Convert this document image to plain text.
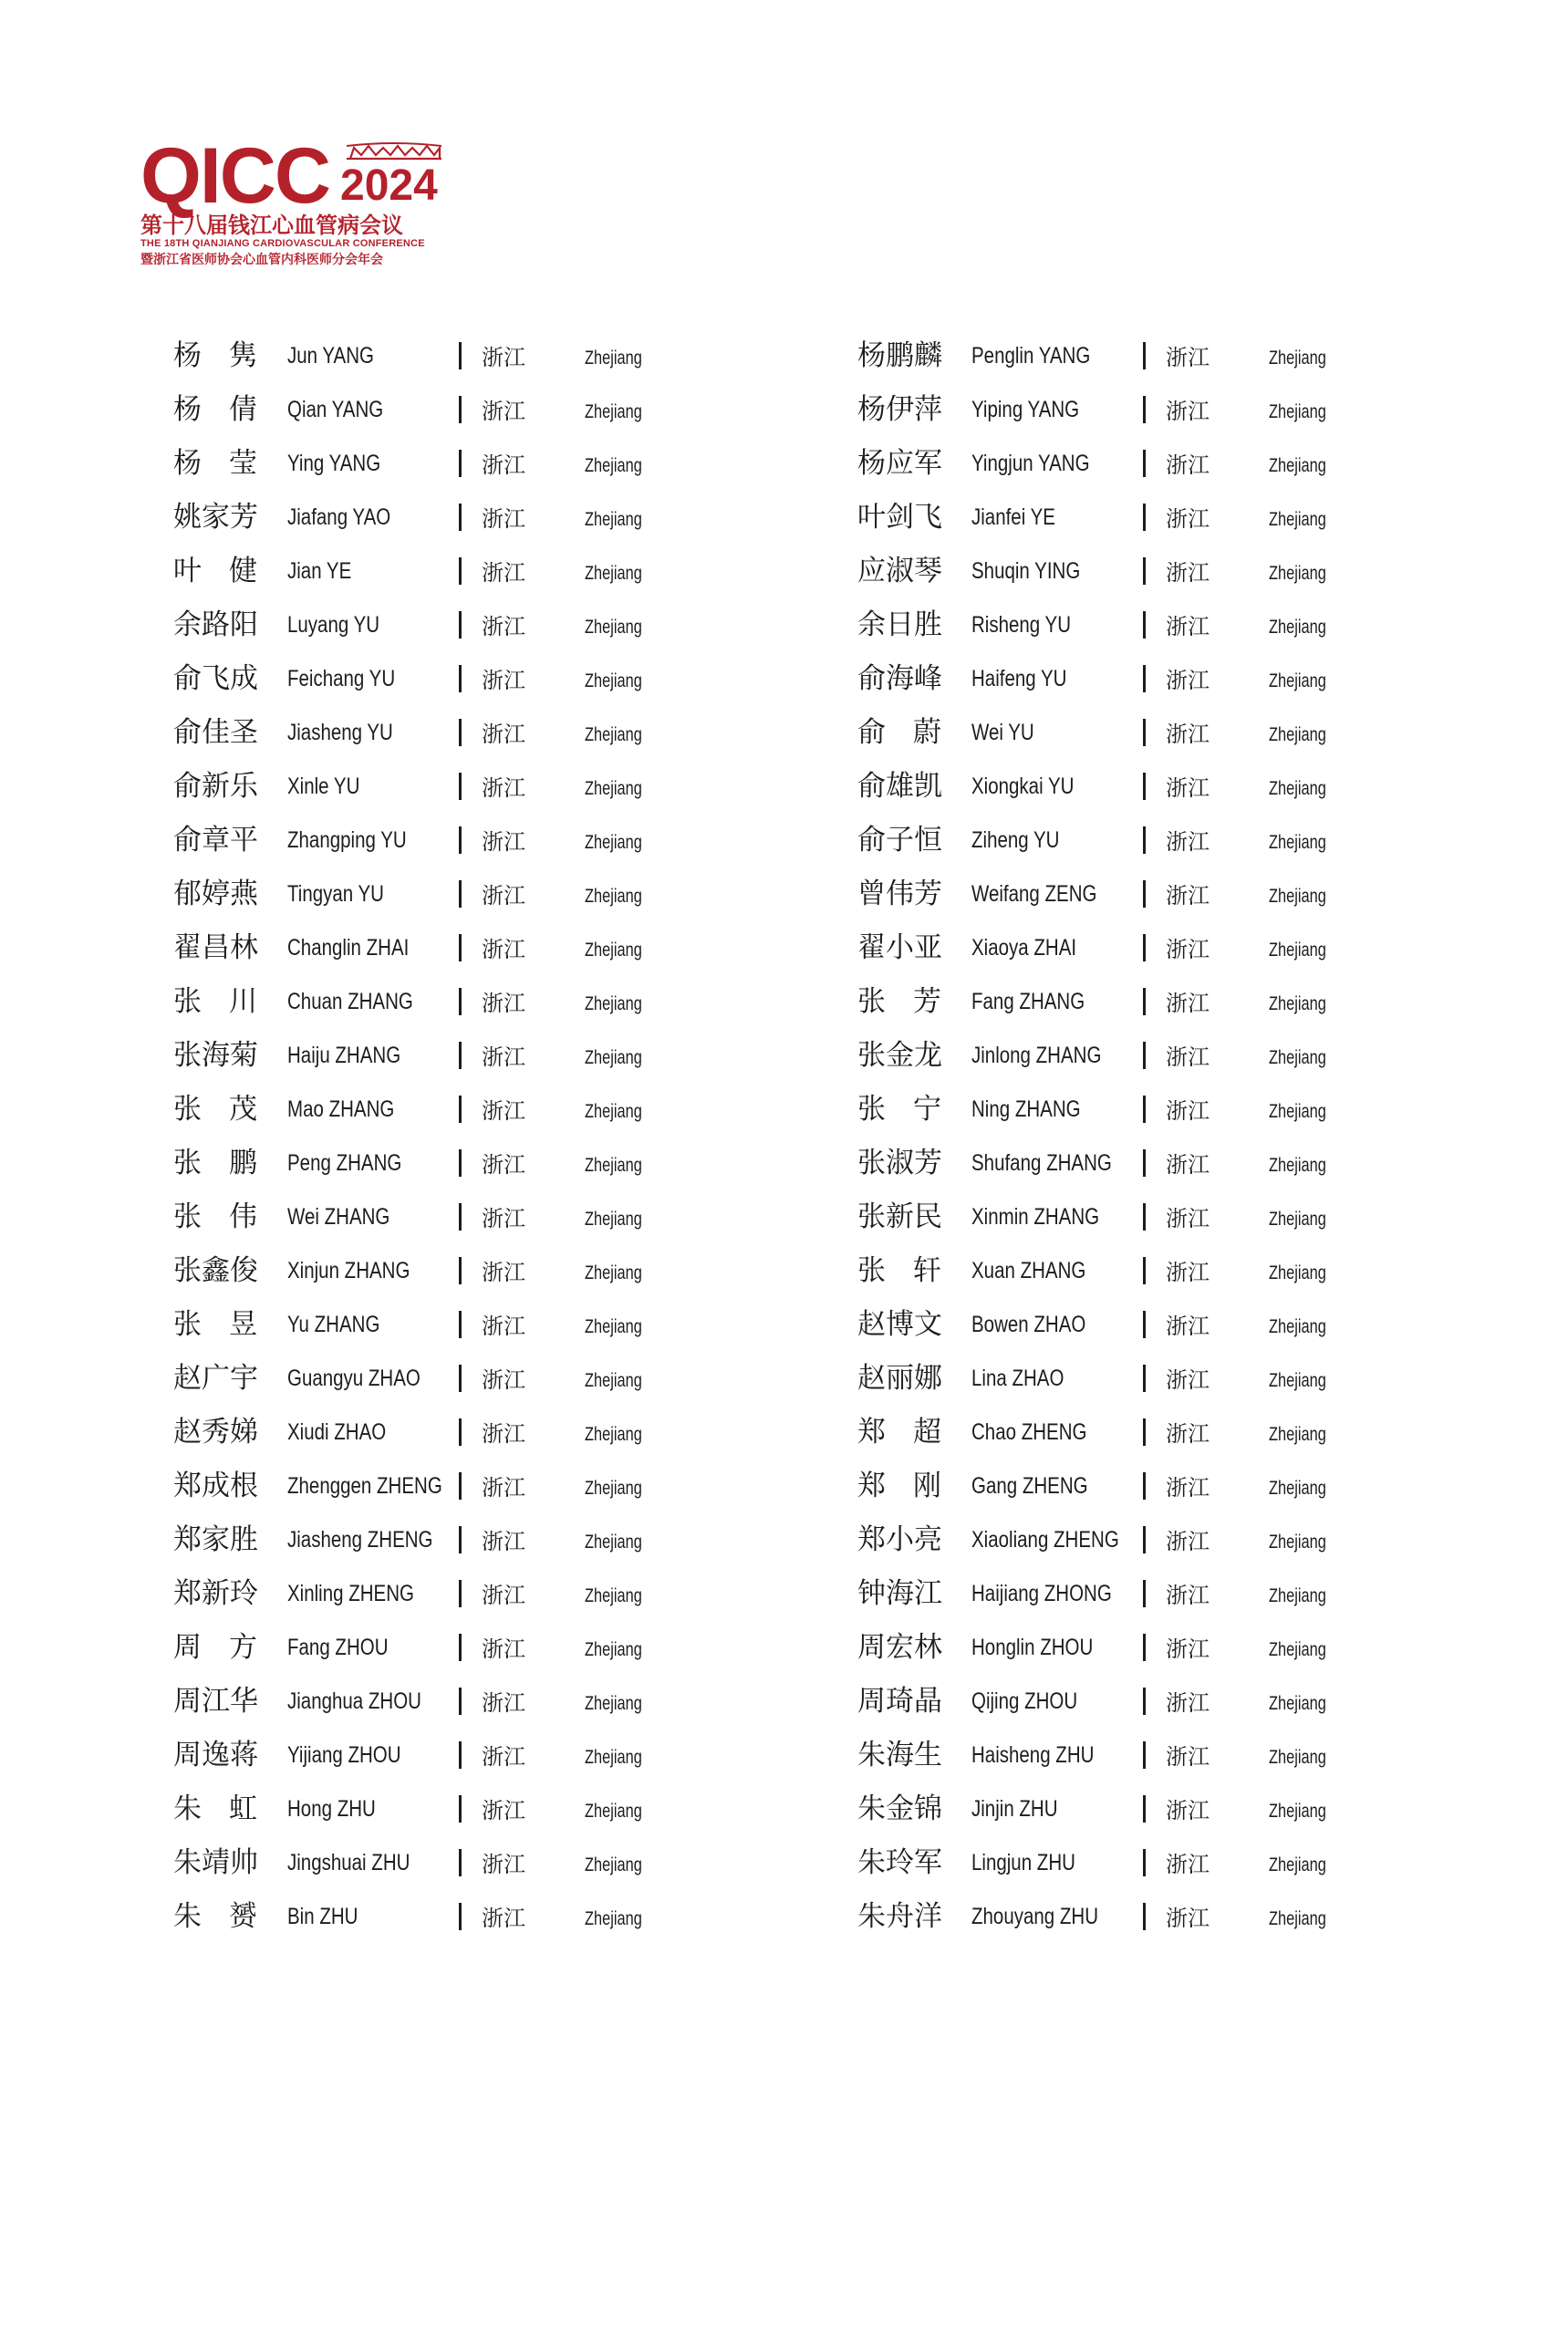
QICC 2024
第十八届钱江心血管病会议
THE 18TH QIANJIANG CARDIOVASCULAR CONFERENCE
暨浙江省医师协会心血管内科医师分会年会
杨 隽 Jun YANG	浙江	Zhejiang
杨 倩 Qian YANG	浙江	Zhejiang
杨 莹 Ying YANG	浙江	Zhejiang
姚家芳 Jiafang YAO	浙江	Zhejiang
叶 健 Jian YE	浙江	Zhejiang
余路阳 Luyang YU	浙江	Zhejiang
俞飞成 Feichang YU	浙江	Zhejiang
俞佳圣 Jiasheng YU	浙江	Zhejiang
俞新乐 Xinle YU	浙江	Zhejiang
俞章平 Zhangping YU	浙江	Zhejiang
郁婷燕 Tingyan YU	浙江	Zhejiang
翟昌林 Changlin ZHAI	浙江	Zhejiang
张 川 Chuan ZHANG	浙江	Zhejiang
张海菊 Haiju ZHANG	浙江	Zhejiang
张 茂 Mao ZHANG	浙江	Zhejiang
张 鹏 Peng ZHANG	浙江	Zhejiang
张 伟 Wei ZHANG	浙江	Zhejiang
张鑫俊 Xinjun ZHANG	浙江	Zhejiang
张 昱 Yu ZHANG	浙江	Zhejiang
赵广宇 Guangyu ZHAO	浙江	Zhejiang
赵秀娣 Xiudi ZHAO	浙江	Zhejiang
郑成根 Zhenggen ZHENG 浙江	Zhejiang
郑家胜 Jiasheng ZHENG 浙江	Zhejiang
郑新玲 Xinling ZHENG	浙江	Zhejiang
周 方 Fang ZHOU	浙江	Zhejiang
周江华 Jianghua ZHOU	浙江	Zhejiang
周逸蒋 Yijiang ZHOU	浙江	Zhejiang
朱 虹 Hong ZHU	浙江	Zhejiang
朱靖帅 Jingshuai ZHU	浙江	Zhejiang
朱 赟 Bin ZHU	浙江	Zhejiang
杨鹏麟 Penglin YANG	浙江	Zhejiang
杨伊萍 Yiping YANG	浙江	Zhejiang
杨应军 Yingjun YANG	浙江	Zhejiang
叶剑飞 Jianfei YE	浙江	Zhejiang
应淑琴 Shuqin YING	浙江	Zhejiang
余日胜 Risheng YU	浙江	Zhejiang
俞海峰 Haifeng YU	浙江	Zhejiang
俞 蔚 Wei YU	浙江	Zhejiang
俞雄凯 Xiongkai YU	浙江	Zhejiang
俞子恒 Ziheng YU	浙江	Zhejiang
曾伟芳 Weifang ZENG	浙江	Zhejiang
翟小亚 Xiaoya ZHAI	浙江	Zhejiang
张 芳 Fang ZHANG	浙江	Zhejiang
张金龙 Jinlong ZHANG	浙江	Zhejiang
张 宁 Ning ZHANG	浙江	Zhejiang
张淑芳 Shufang ZHANG 浙江	Zhejiang
张新民 Xinmin ZHANG	浙江	Zhejiang
张 轩 Xuan ZHANG	浙江	Zhejiang
赵博文 Bowen ZHAO	浙江	Zhejiang
赵丽娜 Lina ZHAO	浙江	Zhejiang
郑 超 Chao ZHENG	浙江	Zhejiang
郑 刚 Gang ZHENG	浙江	Zhejiang
郑小亮 Xiaoliang ZHENG 浙江	Zhejiang
钟海江 Haijiang ZHONG 浙江	Zhejiang
周宏林 Honglin ZHOU	浙江	Zhejiang
周琦晶 Qijing ZHOU	浙江	Zhejiang
朱海生 Haisheng ZHU	浙江	Zhejiang
朱金锦 Jinjin ZHU	浙江	Zhejiang
朱玲军 Lingjun ZHU	浙江	Zhejiang
朱舟洋 Zhouyang ZHU	浙江	Zhejiang
